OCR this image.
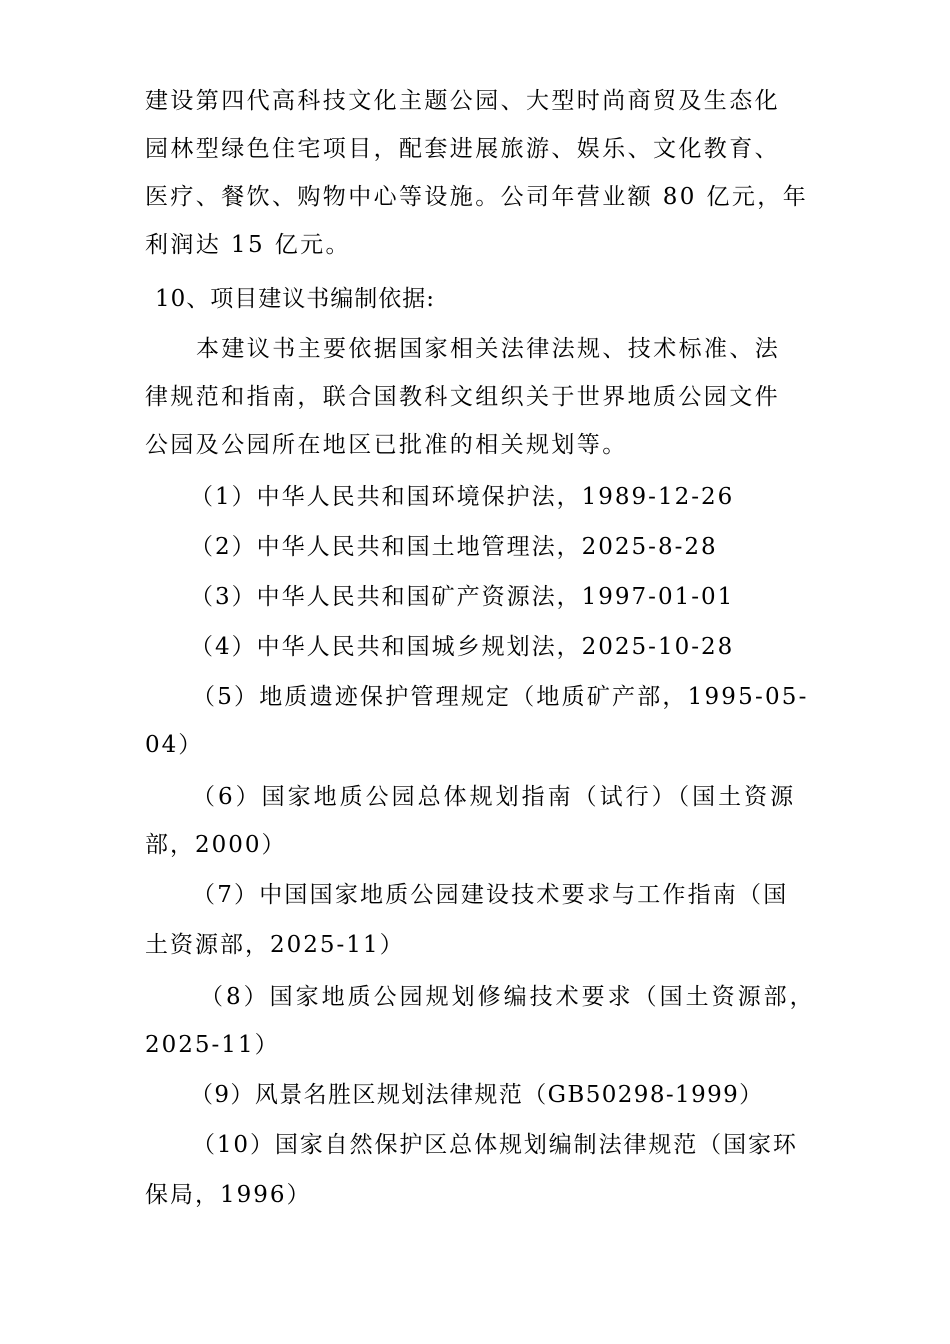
建设第四代高科技文化主题公园、大型时尚商贸及生态化
园林型绿色住宅项目，配套进展旅游、娱乐、文化教育、
医疗、餐饮、购物中心等设施。公司年营业额 80 亿元，年
利润达 15 亿元。
10、项目建议书编制依据:
本建议书主要依据国家相关法律法规、技术标准、法
律规范和指南，联合国教科文组织关于世界地质公园文件
公园及公园所在地区已批准的相关规划等。
（1）中华人民共和国环境保护法，1989-12-26
（2）中华人民共和国土地管理法，2025-8-28
（3）中华人民共和国矿产资源法，1997-01-01
（4）中华人民共和国城乡规划法，2025-10-28
（5）地质遗迹保护管理规定（地质矿产部，1995-05-
04）
（6）国家地质公园总体规划指南（试行）（国土资源
部，2000）
（7）中国国家地质公园建设技术要求与工作指南（国
土资源部，2025-11）
（8）国家地质公园规划修编技术要求（国土资源部，
2025-11）
（9）风景名胜区规划法律规范（GB50298-1999）
（10）国家自然保护区总体规划编制法律规范（国家环
保局，1996）
